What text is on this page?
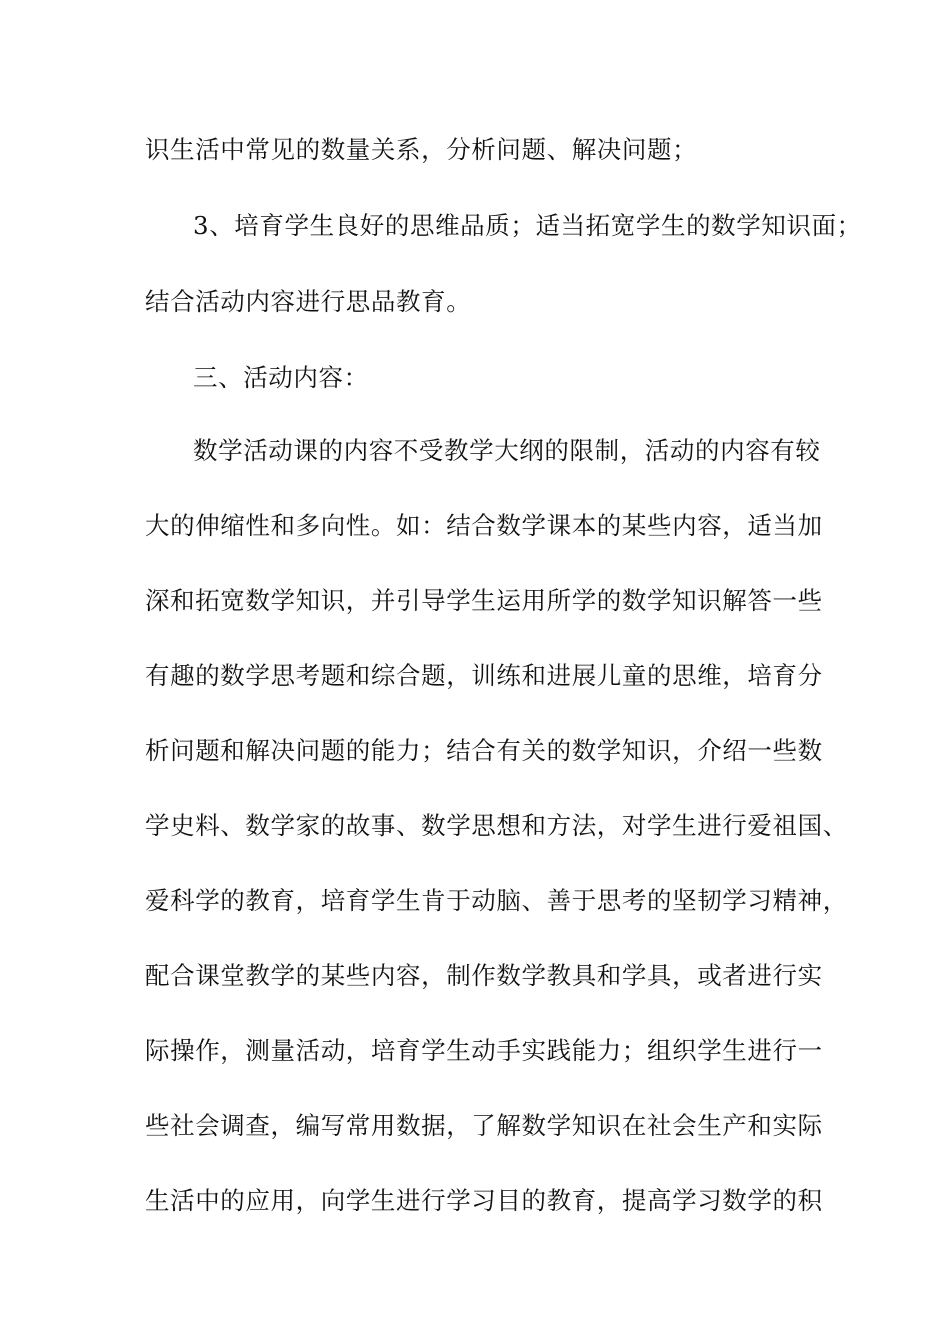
识生活中常见的数量关系，分析问题、解决问题；

3、培育学生良好的思维品质；适当拓宽学生的数学知识面；

结合活动内容进行思品教育。

三、活动内容：

数学活动课的内容不受教学大纲的限制，活动的内容有较

大的伸缩性和多向性。如：结合数学课本的某些内容，适当加

深和拓宽数学知识，并引导学生运用所学的数学知识解答一些

有趣的数学思考题和综合题，训练和进展儿童的思维，培育分

析问题和解决问题的能力；结合有关的数学知识，介绍一些数

学史料、数学家的故事、数学思想和方法，对学生进行爱祖国、

爱科学的教育，培育学生肯于动脑、善于思考的坚韧学习精神，

配合课堂教学的某些内容，制作数学教具和学具，或者进行实

际操作，测量活动，培育学生动手实践能力；组织学生进行一

些社会调查，编写常用数据，了解数学知识在社会生产和实际

生活中的应用，向学生进行学习目的教育，提高学习数学的积
